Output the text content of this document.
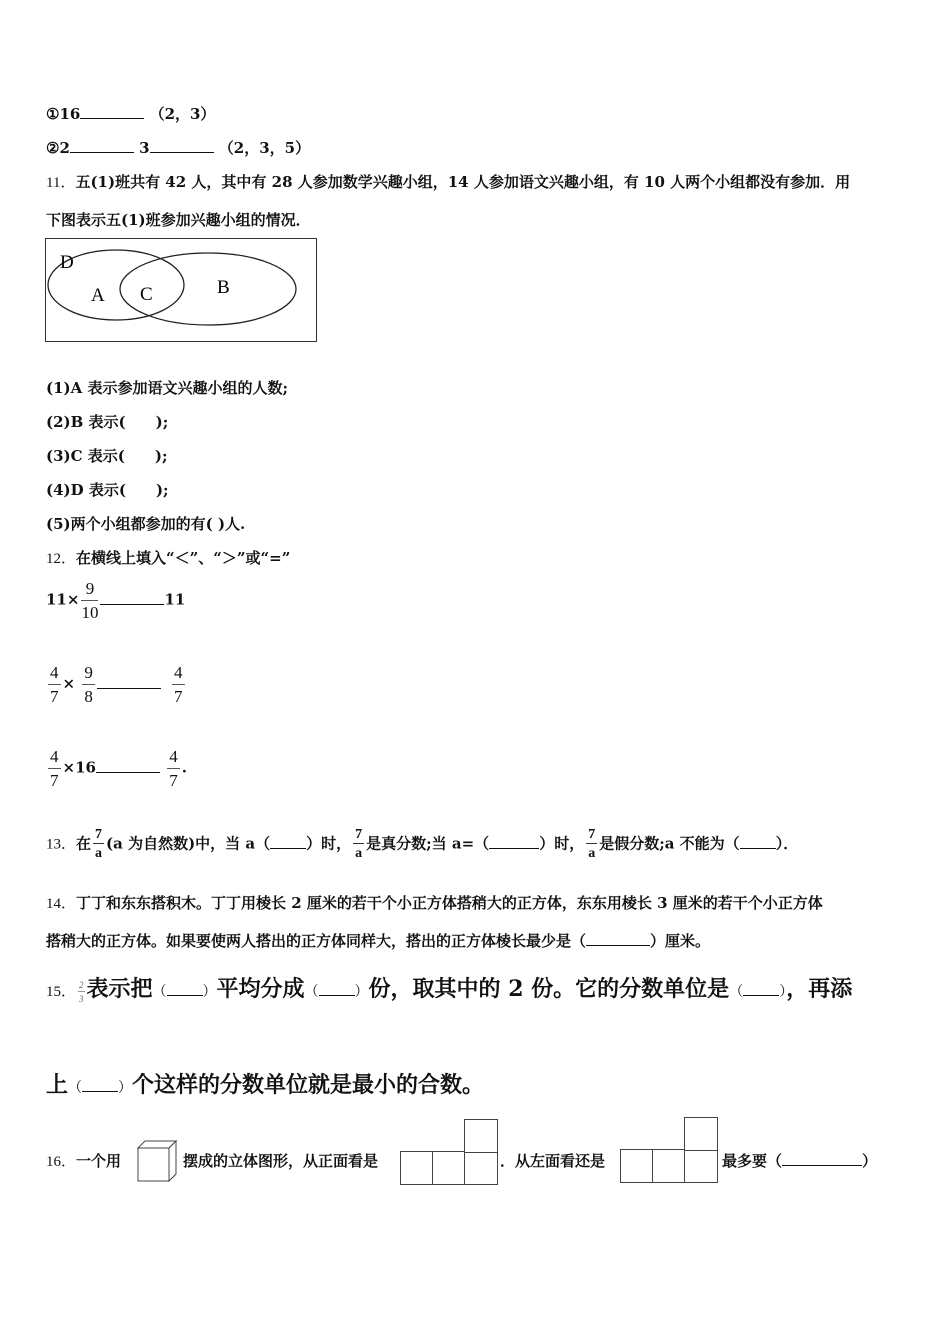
①16	（2，3）
②2	3	（2，3，5）
11．五(1)班共有 42 人，其中有 28 人参加数学兴趣小组，14 人参加语文兴趣小组，有 10 人两个小组都没有参加．用
下图表示五(1)班参加兴趣小组的情况．
D
A C	B
(1)A 表示参加语文兴趣小组的人数;
(2)B 表示(　　);
(3)C 表示(　　);
(4)D 表示(　　);
(5)两个小组都参加的有( )人.
12．在横线上填入“＜”、“＞”或“=”
$11\times \frac{9}{10}$	11
$\frac{4}{7} \times \frac{9}{8}$
	$\frac{4}{7}$
$\frac{4}{7} \times 16$	$\frac{4}{7}$ .
13．在 $\frac{7}{a} (a$ 为自然数)中，当 a（ ）时， $\frac{7}{a}$ 是真分数;当 a=（	）时， $\frac{7}{a}$ 是假分数;a 不能为（ ）．
14．丁丁和东东搭积木。丁丁用棱长 2 厘米的若干个小正方体搭稍大的正方体，东东用棱长 3 厘米的若干个小正方体
搭稍大的正方体。如果要使两人搭出的正方体同样大，搭出的正方体棱长最少是（	）厘米。
15． $\frac{2}{3}$ 表示把（	）平均分成（	）份，取其中的 2 份。它的分数单位是（	），再添
上（	）个这样的分数单位就是最小的合数。
16．一个用	摆成的立体图形，从正面看是	．从左面看还是	最多要（	）
